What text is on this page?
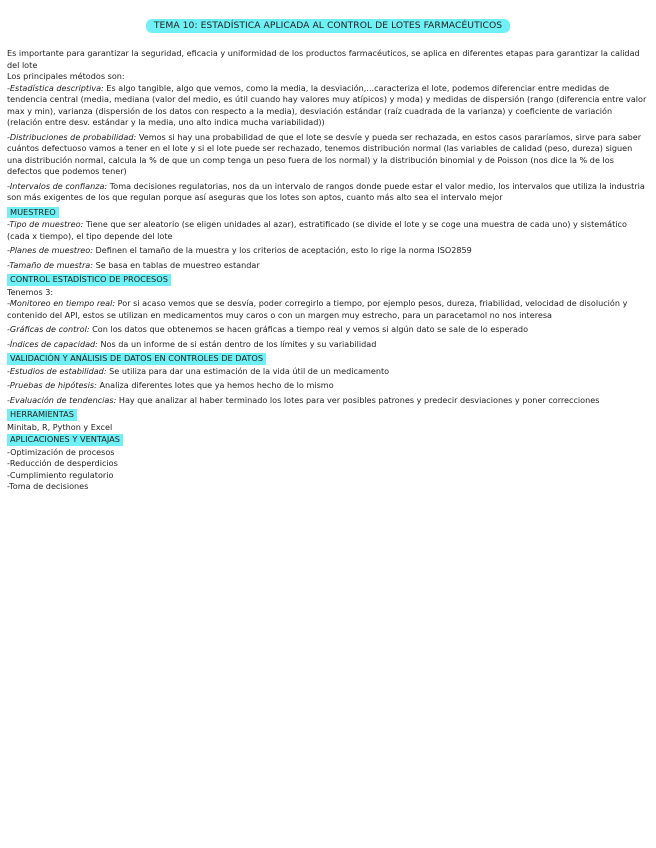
TEMA 10: ESTADÍSTICA APLICADA AL CONTROL DE LOTES FARMACÉUTICOS

Es importante para garantizar la seguridad, eficacia y uniformidad de los productos farmacéuticos, se aplica en diferentes etapas para garantizar la calidad del lote

Los principales métodos son:

-Estadística descriptiva: Es algo tangible, algo que vemos, como la media, la desviación,...caracteriza el lote, podemos diferenciar entre medidas de tendencia central (media, mediana (valor del medio, es útil cuando hay valores muy atípicos) y moda) y medidas de dispersión (rango (diferencia entre valor max y min), varianza (dispersión de los datos con respecto a la media), desviación estándar (raíz cuadrada de la varianza) y coeficiente de variación (relación entre desv. estándar y la media, uno alto indica mucha variabilidad))
-Distribuciones de probabilidad: Vemos si hay una probabilidad de que el lote se desvíe y pueda ser rechazada, en estos casos pararíamos, sirve para saber cuántos defectuoso vamos a tener en el lote y si el lote puede ser rechazado, tenemos distribución normal (las variables de calidad (peso, dureza) siguen una distribución normal, calcula la % de que un comp tenga un peso fuera de los normal) y la distribución binomial y de Poisson (nos dice la % de los defectos que podemos tener)
-Intervalos de confianza: Toma decisiones regulatorias, nos da un intervalo de rangos donde puede estar el valor medio, los intervalos que utiliza la industria son más exigentes de los que regulan porque así aseguras que los lotes son aptos, cuanto más alto sea el intervalo mejor
MUESTREO
-Tipo de muestreo: Tiene que ser aleatorio (se eligen unidades al azar), estratificado (se divide el lote y se coge una muestra de cada uno) y sistemático (cada x tiempo), el tipo depende del lote
-Planes de muestreo: Definen el tamaño de la muestra y los criterios de aceptación, esto lo rige la norma ISO2859
-Tamaño de muestra: Se basa en tablas de muestreo estandar
CONTROL ESTADÍSTICO DE PROCESOS

Tenemos 3:

-Monitoreo en tiempo real: Por si acaso vemos que se desvía, poder corregirlo a tiempo, por ejemplo pesos, dureza, friabilidad, velocidad de disolución y contenido del API, estos se utilizan en medicamentos muy caros o con un margen muy estrecho, para un paracetamol no nos interesa
-Gráficas de control: Con los datos que obtenemos se hacen gráficas a tiempo real y vemos si algún dato se sale de lo esperado
-Índices de capacidad: Nos da un informe de si están dentro de los límites y su variabilidad
VALIDACIÓN Y ANÁLISIS DE DATOS EN CONTROLES DE DATOS
-Estudios de estabilidad: Se utiliza para dar una estimación de la vida útil de un medicamento
-Pruebas de hipótesis: Analiza diferentes lotes que ya hemos hecho de lo mismo
-Evaluación de tendencias: Hay que analizar al haber terminado los lotes para ver posibles patrones y predecir desviaciones y poner correcciones
HERRAMIENTAS

Minitab, R, Python y Excel

APLICACIONES Y VENTAJAS

-Optimización de procesos

-Reducción de desperdicios

-Cumplimiento regulatorio

-Toma de decisiones
